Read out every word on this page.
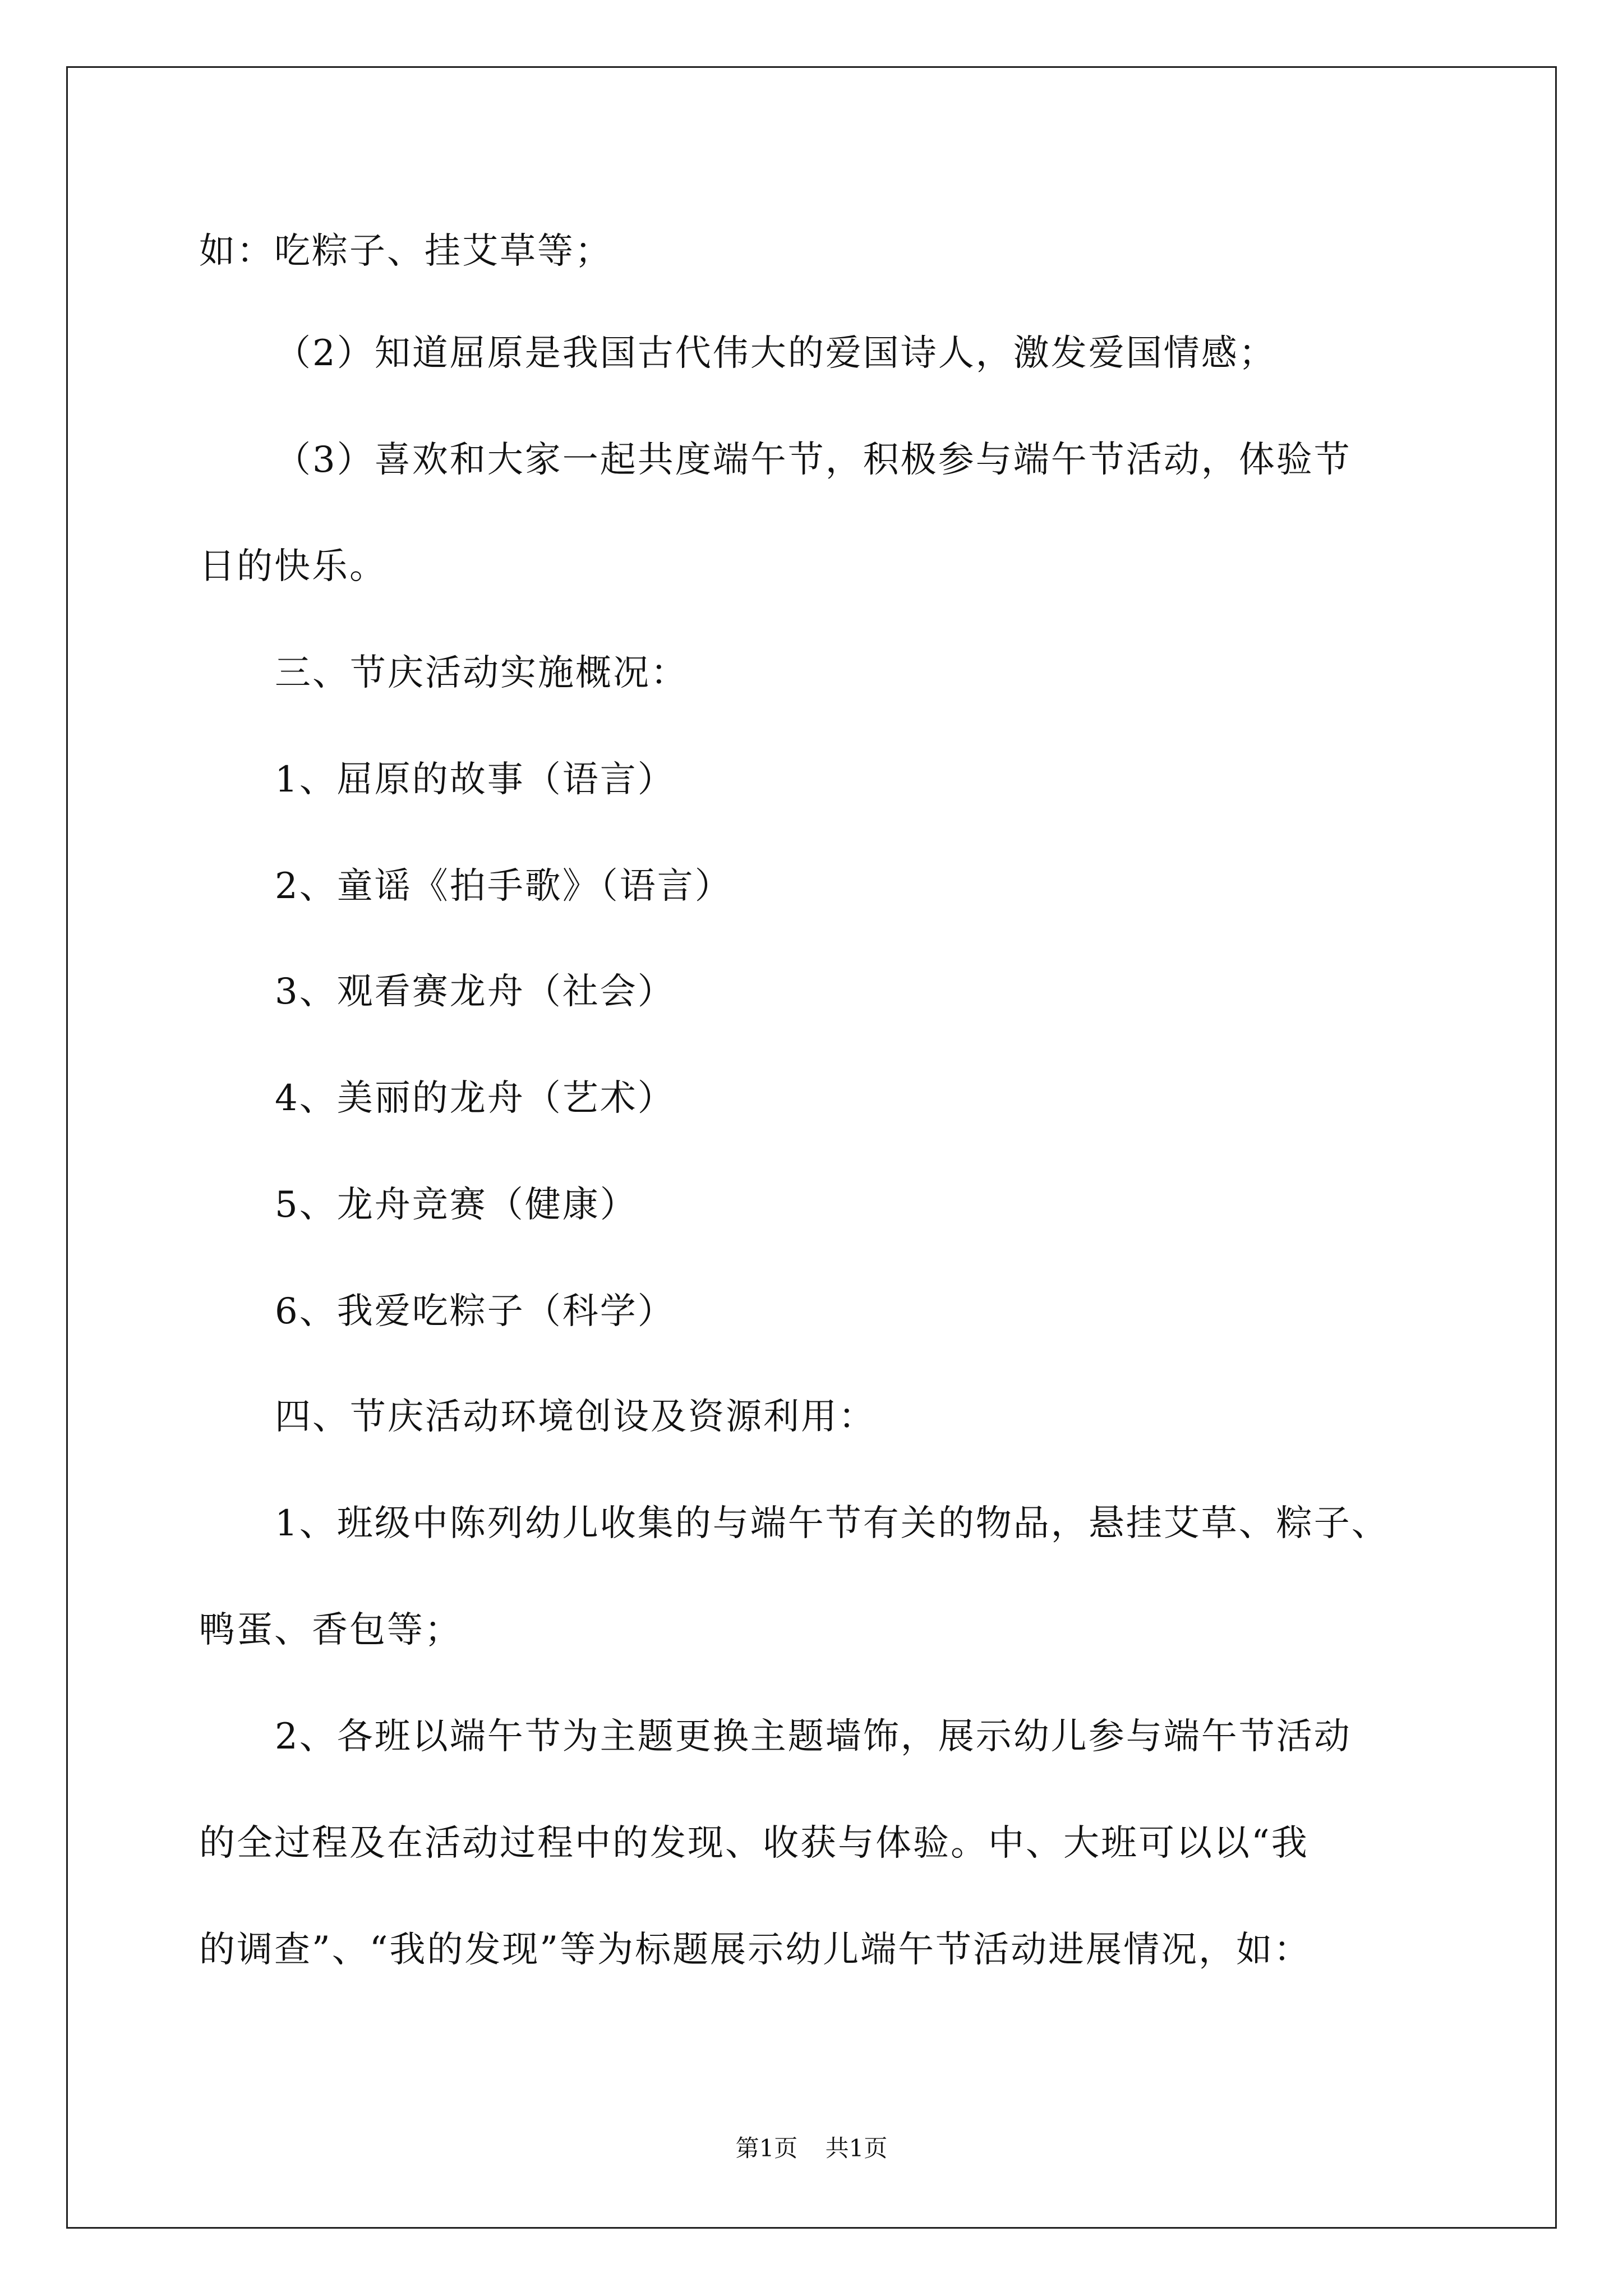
如：吃粽子、挂艾草等；
（2）知道屈原是我国古代伟大的爱国诗人，激发爱国情感；
（3）喜欢和大家一起共度端午节，积极参与端午节活动，体验节
日的快乐。
三、节庆活动实施概况：
1、屈原的故事（语言）
2、童谣《拍手歌》（语言）
3、观看赛龙舟（社会）
4、美丽的龙舟（艺术）
5、龙舟竞赛（健康）
6、我爱吃粽子（科学）
四、节庆活动环境创设及资源利用：
1、班级中陈列幼儿收集的与端午节有关的物品，悬挂艾草、粽子、
鸭蛋、香包等；
2、各班以端午节为主题更换主题墙饰，展示幼儿参与端午节活动
的全过程及在活动过程中的发现、收获与体验。中、大班可以以“我
的调查”、“我的发现”等为标题展示幼儿端午节活动进展情况，如：
第1页 共1页
